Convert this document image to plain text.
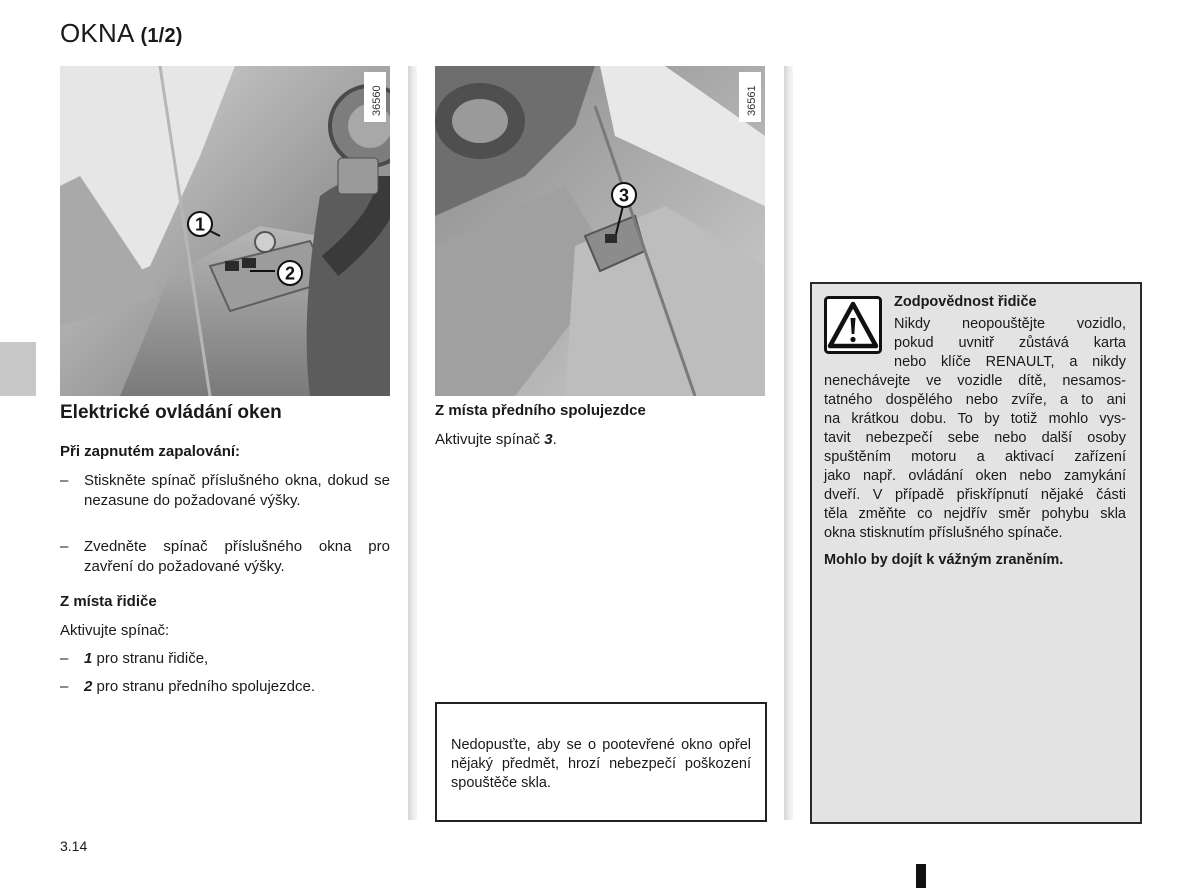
OKNA (1/2)
1
2
36560
3
36561
Elektrické ovládání oken
Při zapnutém zapalování:
– Stiskněte spínač příslušného okna, dokud se nezasune do požadované výšky.
– Zvedněte spínač příslušného okna pro zavření do požadované výšky.
Z místa řidiče
Aktivujte spínač:
– 1 pro stranu řidiče,
– 2 pro stranu předního spolujezdce.
Z místa předního spolujezdce
Aktivujte spínač 3.
Nedopusťte, aby se o pootevřené okno opřel nějaký předmět, hrozí nebezpečí poškození spouštěče skla.
Zodpovědnost řidiče
Nikdy neopouštějte vozidlo,
pokud uvnitř zůstává karta
nebo klíče RENAULT, a nikdy
nenechávejte ve vozidle dítě, nesamos-
tatného dospělého nebo zvíře, a to ani
na krátkou dobu. To by totiž mohlo vys-
tavit nebezpečí sebe nebo další osoby
spuštěním motoru a aktivací zařízení
jako např. ovládání oken nebo zamykání
dveří. V případě přiskřípnutí nějaké části
těla změňte co nejdřív směr pohybu skla
okna stisknutím příslušného spínače.
Mohlo by dojít k vážným zraněním.
3.14
